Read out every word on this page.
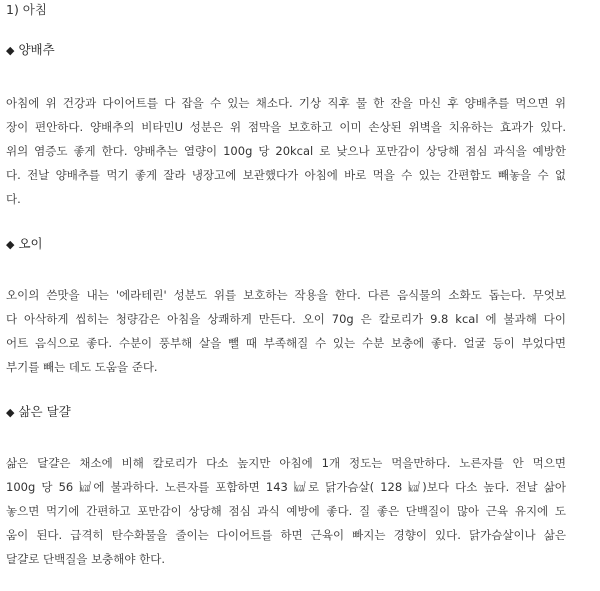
1) 아침
◆ 양배추
아침에 위 건강과 다이어트를 다 잡을 수 있는 채소다. 기상 직후 물 한 잔을 마신 후 양배추를 먹으면 위
장이 편안하다. 양배추의 비타민U 성분은 위 점막을 보호하고 이미 손상된 위벽을 치유하는 효과가 있다.
위의 염증도 좋게 한다. 양배추는 열량이 100g 당 20kcal 로 낮으나 포만감이 상당해 점심 과식을 예방한
다. 전날 양배추를 먹기 좋게 잘라 냉장고에 보관했다가 아침에 바로 먹을 수 있는 간편함도 빼놓을 수 없
다.
◆ 오이
오이의 쓴맛을 내는 '에라테린' 성분도 위를 보호하는 작용을 한다. 다른 음식물의 소화도 돕는다. 무엇보
다 아삭하게 씹히는 청량감은 아침을 상쾌하게 만든다. 오이 70g 은 칼로리가 9.8 kcal 에 불과해 다이
어트 음식으로 좋다. 수분이 풍부해 살을 뺄 때 부족해질 수 있는 수분 보충에 좋다. 얼굴 등이 부었다면
부기를 빼는 데도 도움을 준다.
◆ 삶은 달걀
삶은 달걀은 채소에 비해 칼로리가 다소 높지만 아침에 1개 정도는 먹을만하다. 노른자를 안 먹으면
100g 당 56 ㎉에 불과하다. 노른자를 포함하면 143 ㎉로 닭가슴살( 128 ㎉)보다 다소 높다. 전날 삶아
놓으면 먹기에 간편하고 포만감이 상당해 점심 과식 예방에 좋다. 질 좋은 단백질이 많아 근육 유지에 도
움이 된다. 급격히 탄수화물을 줄이는 다이어트를 하면 근육이 빠지는 경향이 있다. 닭가슴살이나 삶은
달걀로 단백질을 보충해야 한다.
